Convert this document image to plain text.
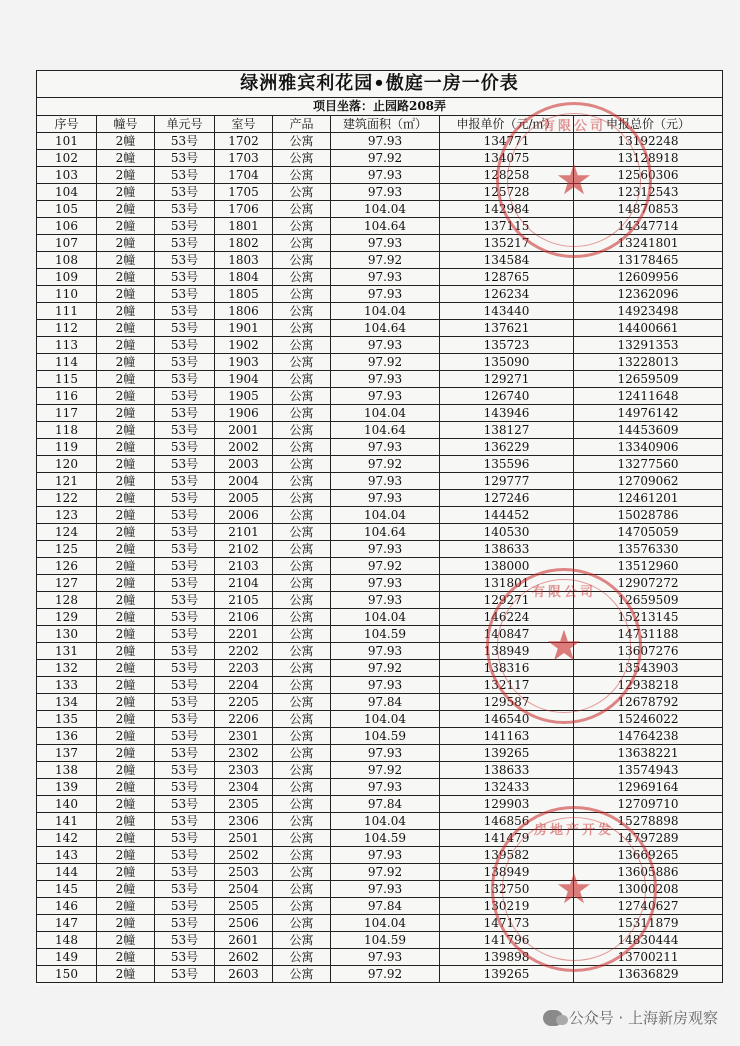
绿洲雅宾利花园•傲庭一房一价表							
项目坐落：止园路208弄							
序号	幢号	单元号	室号	产品	建筑面积（㎡）	申报单价（元/㎡）	申报总价（元）
101	2幢	53号	1702	公寓	97.93	134771	13192248
102	2幢	53号	1703	公寓	97.92	134075	13128918
103	2幢	53号	1704	公寓	97.93	128258	12560306
104	2幢	53号	1705	公寓	97.93	125728	12312543
105	2幢	53号	1706	公寓	104.04	142984	14870853
106	2幢	53号	1801	公寓	104.64	137115	14347714
107	2幢	53号	1802	公寓	97.93	135217	13241801
108	2幢	53号	1803	公寓	97.92	134584	13178465
109	2幢	53号	1804	公寓	97.93	128765	12609956
110	2幢	53号	1805	公寓	97.93	126234	12362096
111	2幢	53号	1806	公寓	104.04	143440	14923498
112	2幢	53号	1901	公寓	104.64	137621	14400661
113	2幢	53号	1902	公寓	97.93	135723	13291353
114	2幢	53号	1903	公寓	97.92	135090	13228013
115	2幢	53号	1904	公寓	97.93	129271	12659509
116	2幢	53号	1905	公寓	97.93	126740	12411648
117	2幢	53号	1906	公寓	104.04	143946	14976142
118	2幢	53号	2001	公寓	104.64	138127	14453609
119	2幢	53号	2002	公寓	97.93	136229	13340906
120	2幢	53号	2003	公寓	97.92	135596	13277560
121	2幢	53号	2004	公寓	97.93	129777	12709062
122	2幢	53号	2005	公寓	97.93	127246	12461201
123	2幢	53号	2006	公寓	104.04	144452	15028786
124	2幢	53号	2101	公寓	104.64	140530	14705059
125	2幢	53号	2102	公寓	97.93	138633	13576330
126	2幢	53号	2103	公寓	97.92	138000	13512960
127	2幢	53号	2104	公寓	97.93	131801	12907272
128	2幢	53号	2105	公寓	97.93	129271	12659509
129	2幢	53号	2106	公寓	104.04	146224	15213145
130	2幢	53号	2201	公寓	104.59	140847	14731188
131	2幢	53号	2202	公寓	97.93	138949	13607276
132	2幢	53号	2203	公寓	97.92	138316	13543903
133	2幢	53号	2204	公寓	97.93	132117	12938218
134	2幢	53号	2205	公寓	97.84	129587	12678792
135	2幢	53号	2206	公寓	104.04	146540	15246022
136	2幢	53号	2301	公寓	104.59	141163	14764238
137	2幢	53号	2302	公寓	97.93	139265	13638221
138	2幢	53号	2303	公寓	97.92	138633	13574943
139	2幢	53号	2304	公寓	97.93	132433	12969164
140	2幢	53号	2305	公寓	97.84	129903	12709710
141	2幢	53号	2306	公寓	104.04	146856	15278898
142	2幢	53号	2501	公寓	104.59	141479	14797289
143	2幢	53号	2502	公寓	97.93	139582	13669265
144	2幢	53号	2503	公寓	97.92	138949	13605886
145	2幢	53号	2504	公寓	97.93	132750	13000208
146	2幢	53号	2505	公寓	97.84	130219	12740627
147	2幢	53号	2506	公寓	104.04	147173	15311879
148	2幢	53号	2601	公寓	104.59	141796	14830444
149	2幢	53号	2602	公寓	97.93	139898	13700211
150	2幢	53号	2603	公寓	97.92	139265	13636829
有限公司
★
有限公司
★
房地产开发
★
公众号 · 上海新房观察
